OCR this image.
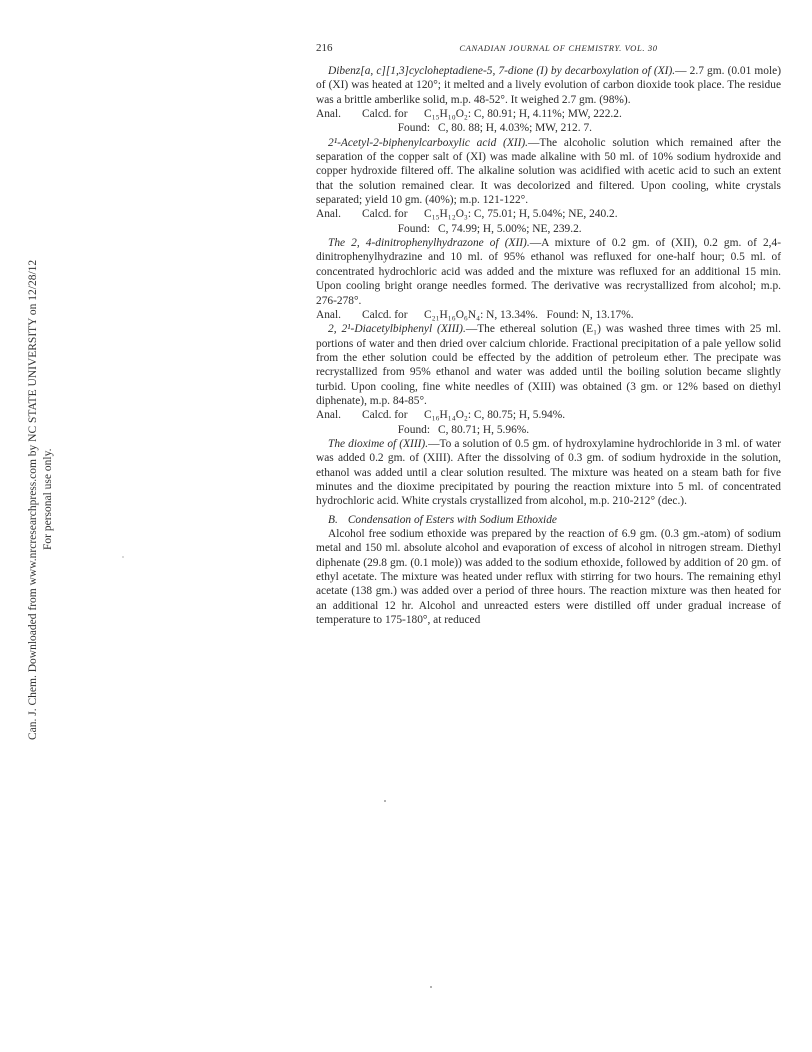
Can. J. Chem. Downloaded from www.nrcresearchpress.com by NC STATE UNIVERSITY on 12/28/12 For personal use only.
216	CANADIAN JOURNAL OF CHEMISTRY. VOL. 30

Dibenz[a, c][1,3]cycloheptadiene-5, 7-dione (I) by decarboxylation of (XI).— 2.7 gm. (0.01 mole) of (XI) was heated at 120°; it melted and a lively evolution of carbon dioxide took place. The residue was a brittle amberlike solid, m.p. 48-52°. It weighed 2.7 gm. (98%).

Anal.	Calcd. for	C₁₅H₁₀O₂: C, 80.91; H, 4.11%; MW, 222.2.
Found: C, 80. 88; H, 4.03%; MW, 212. 7.

2¹-Acetyl-2-biphenylcarboxylic acid (XII).—The alcoholic solution which remained after the separation of the copper salt of (XI) was made alkaline with 50 ml. of 10% sodium hydroxide and copper hydroxide filtered off. The alkaline solution was acidified with acetic acid to such an extent that the solution remained clear. It was decolorized and filtered. Upon cooling, white crystals separated; yield 10 gm. (40%); m.p. 121-122°.

Anal.	Calcd. for	C₁₅H₁₂O₃: C, 75.01; H, 5.04%; NE, 240.2.
Found: C, 74.99; H, 5.00%; NE, 239.2.

The 2, 4-dinitrophenylhydrazone of (XII).—A mixture of 0.2 gm. of (XII), 0.2 gm. of 2,4-dinitrophenylhydrazine and 10 ml. of 95% ethanol was refluxed for one-half hour; 0.5 ml. of concentrated hydrochloric acid was added and the mixture was refluxed for an additional 15 min. Upon cooling bright orange needles formed. The derivative was recrystallized from alcohol; m.p. 276-278°.

Anal.	Calcd. for	C₂₁H₁₆O₆N₄: N, 13.34%.   Found: N, 13.17%.

2, 2¹-Diacetylbiphenyl (XIII).—The ethereal solution (E₁) was washed three times with 25 ml. portions of water and then dried over calcium chloride. Fractional precipitation of a pale yellow solid from the ether solution could be effected by the addition of petroleum ether. The precipate was recrystallized from 95% ethanol and water was added until the boiling solution became slightly turbid. Upon cooling, fine white needles of (XIII) was obtained (3 gm. or 12% based on diethyl diphenate), m.p. 84-85°.

Anal.	Calcd. for	C₁₆H₁₄O₂: C, 80.75; H, 5.94%.
Found: C, 80.71; H, 5.96%.

The dioxime of (XIII).—To a solution of 0.5 gm. of hydroxylamine hydrochloride in 3 ml. of water was added 0.2 gm. of (XIII). After the dissolving of 0.3 gm. of sodium hydroxide in the solution, ethanol was added until a clear solution resulted. The mixture was heated on a steam bath for five minutes and the dioxime precipitated by pouring the reaction mixture into 5 ml. of concentrated hydrochloric acid. White crystals crystallized from alcohol, m.p. 210-212° (dec.).

B. Condensation of Esters with Sodium Ethoxide

Alcohol free sodium ethoxide was prepared by the reaction of 6.9 gm. (0.3 gm.-atom) of sodium metal and 150 ml. absolute alcohol and evaporation of excess of alcohol in nitrogen stream. Diethyl diphenate (29.8 gm. (0.1 mole)) was added to the sodium ethoxide, followed by addition of 20 gm. of ethyl acetate. The mixture was heated under reflux with stirring for two hours. The remaining ethyl acetate (138 gm.) was added over a period of three hours. The reaction mixture was then heated for an additional 12 hr. Alcohol and unreacted esters were distilled off under gradual increase of temperature to 175-180°, at reduced
